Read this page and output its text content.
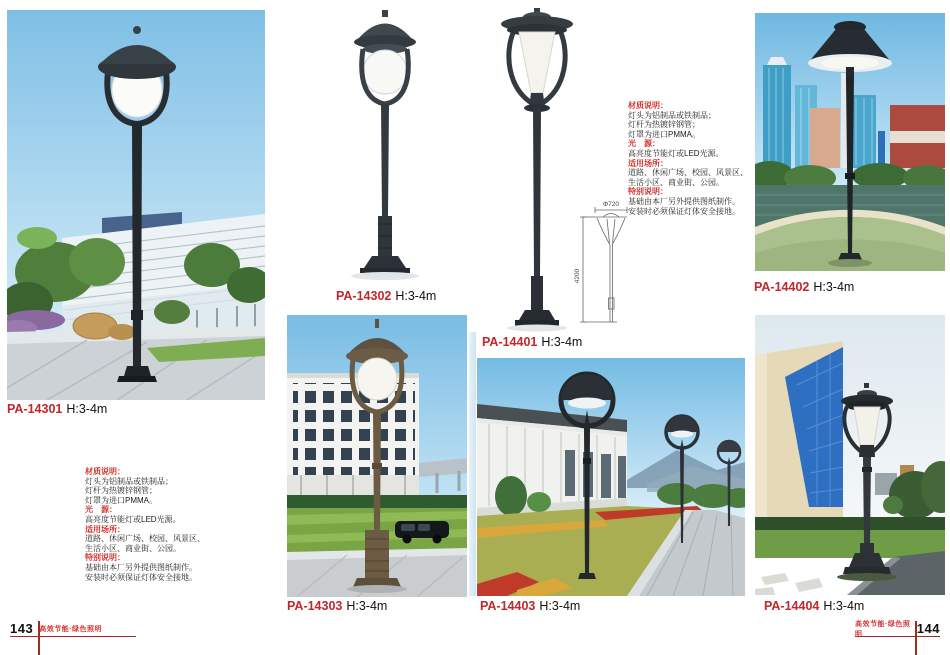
Φ720
4200
PA-14301 H:3-4m
PA-14302 H:3-4m
PA-14401 H:3-4m
PA-14402 H:3-4m
PA-14303 H:3-4m	PA-14403 H:3-4m	PA-14404 H:3-4m
材质说明：
灯头为铝制品或铁制品；
灯杆为热镀锌钢管；
灯罩为进口PMMA。
光　源：
高亮度节能灯或LED光源。
适用场所：
道路、休闲广场、校园、风景区、
生活小区、商业街、公园。
特别说明：
基础由本厂另外提供图纸制作。
安装时必须保证灯体安全接地。
材质说明：
灯头为铝制品或铁制品；
灯杆为热镀锌钢管；
灯罩为进口PMMA。
光　源：
高亮度节能灯或LED光源。
适用场所：
道路、休闲广场、校园、风景区、
生活小区、商业街、公园。
特别说明：
基础由本厂另外提供图纸制作。
安装时必须保证灯体安全接地。
143 高效节能·绿色照明
高效节能·绿色照明	144
